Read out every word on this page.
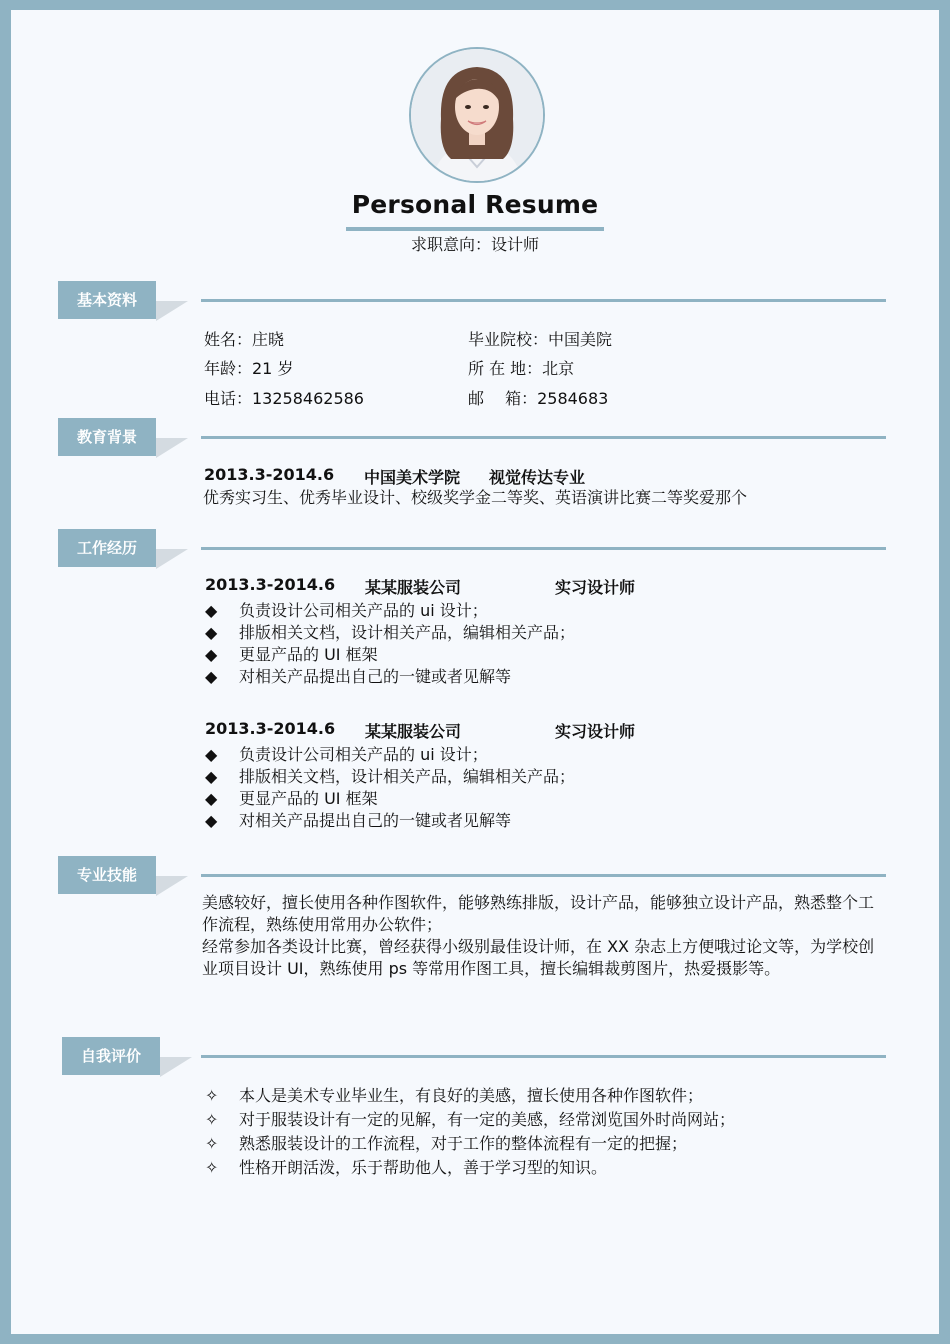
Personal Resume
求职意向：设计师
基本资料
姓名：庄晓
年龄：21 岁
电话：13258462586
毕业院校：中国美院
所 在 地：北京
邮　 箱：2584683
教育背景
2013.3-2014.6 中国美术学院 视觉传达专业
优秀实习生、优秀毕业设计、校级奖学金二等奖、英语演讲比赛二等奖爱那个
工作经历
2013.3-2014.6 某某服装公司	实习设计师
◆ 负责设计公司相关产品的 ui 设计；
◆ 排版相关文档，设计相关产品，编辑相关产品；
◆ 更显产品的 UI 框架
◆ 对相关产品提出自己的一键或者见解等
2013.3-2014.6 某某服装公司	实习设计师
◆ 负责设计公司相关产品的 ui 设计；
◆ 排版相关文档，设计相关产品，编辑相关产品；
◆ 更显产品的 UI 框架
◆ 对相关产品提出自己的一键或者见解等
专业技能
美感较好，擅长使用各种作图软件，能够熟练排版，设计产品，能够独立设计产品，熟悉整个工作流程，熟练使用常用办公软件；
经常参加各类设计比赛，曾经获得小级别最佳设计师，在 XX 杂志上方便哦过论文等，为学校创业项目设计 UI，熟练使用 ps 等常用作图工具，擅长编辑裁剪图片，热爱摄影等。
自我评价
✧ 本人是美术专业毕业生，有良好的美感，擅长使用各种作图软件；
✧ 对于服装设计有一定的见解，有一定的美感，经常浏览国外时尚网站；
✧ 熟悉服装设计的工作流程，对于工作的整体流程有一定的把握；
✧ 性格开朗活泼，乐于帮助他人，善于学习型的知识。
